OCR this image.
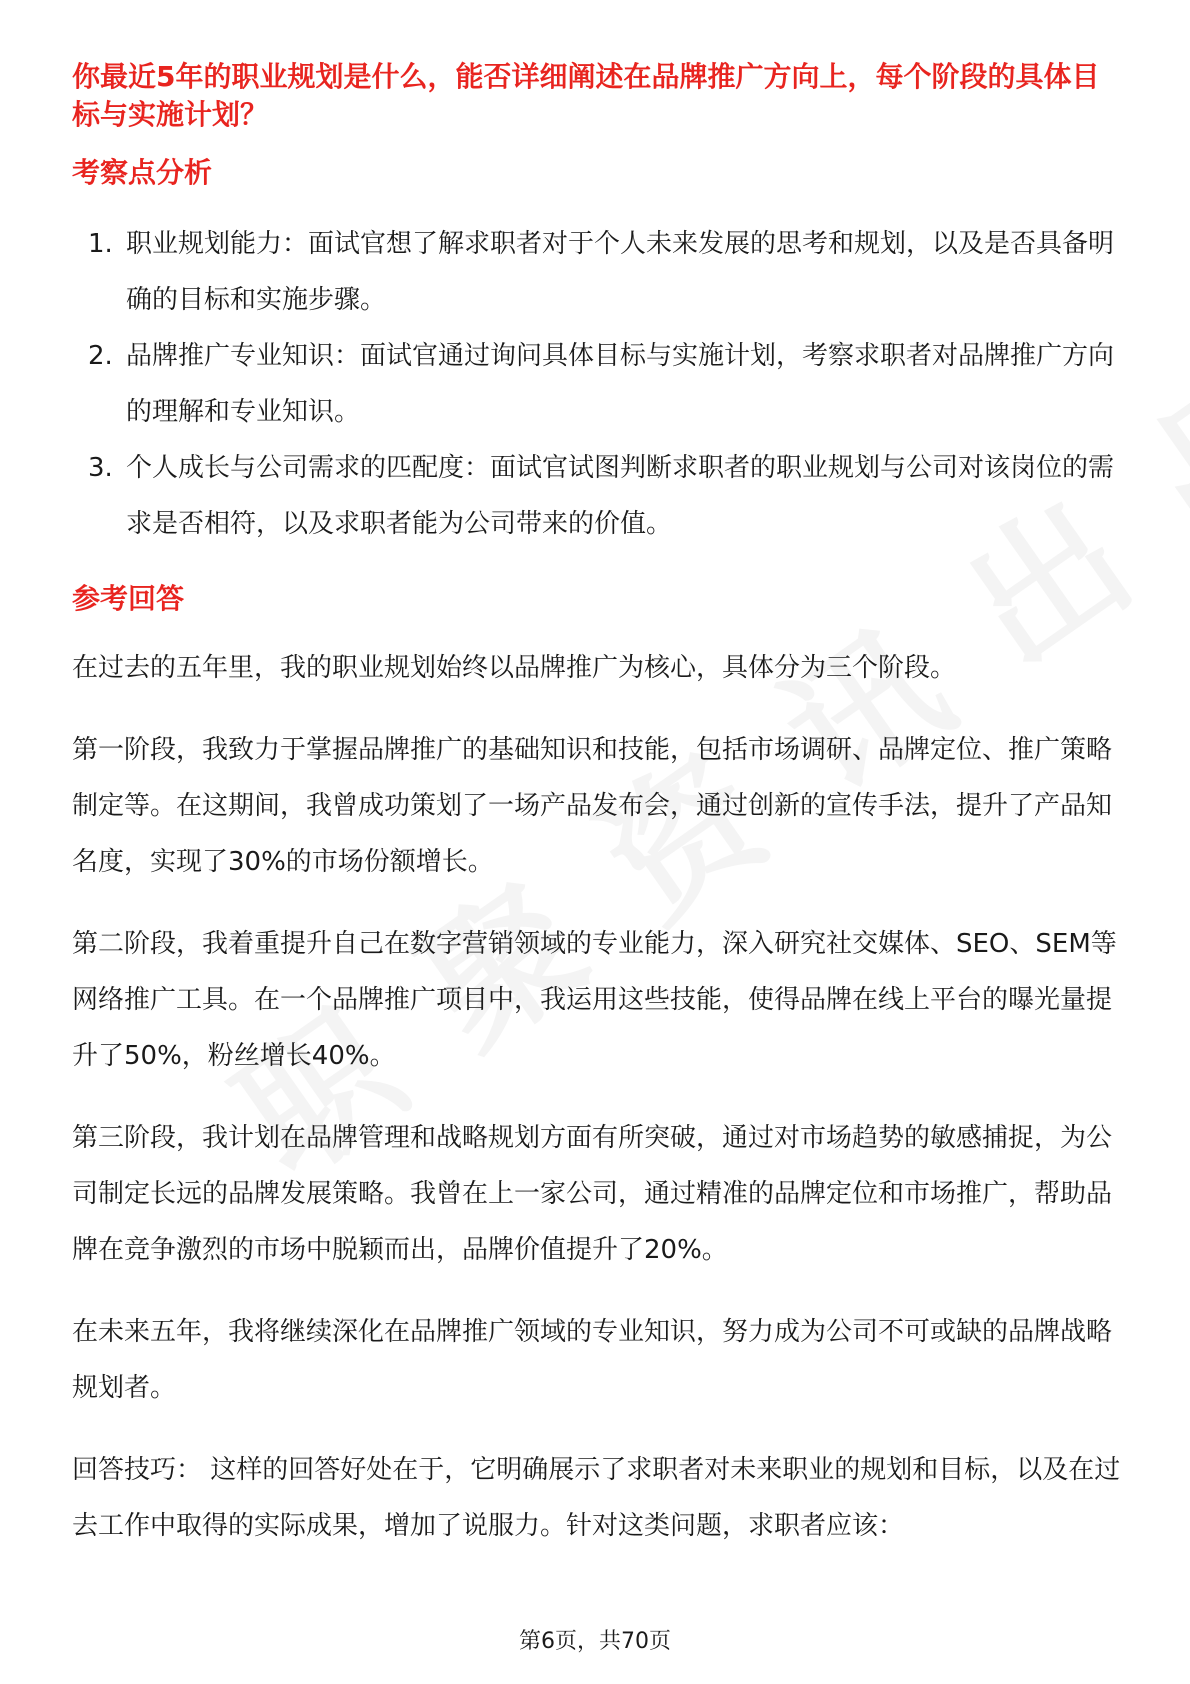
你最近5年的职业规划是什么，能否详细阐述在品牌推广方向上，每个阶段的具体目标与实施计划？

考察点分析

1. 职业规划能力：面试官想了解求职者对于个人未来发展的思考和规划，以及是否具备明确的目标和实施步骤。
2. 品牌推广专业知识：面试官通过询问具体目标与实施计划，考察求职者对品牌推广方向的理解和专业知识。
3. 个人成长与公司需求的匹配度：面试官试图判断求职者的职业规划与公司对该岗位的需求是否相符，以及求职者能为公司带来的价值。

参考回答

在过去的五年里，我的职业规划始终以品牌推广为核心，具体分为三个阶段。

第一阶段，我致力于掌握品牌推广的基础知识和技能，包括市场调研、品牌定位、推广策略制定等。在这期间，我曾成功策划了一场产品发布会，通过创新的宣传手法，提升了产品知名度，实现了30%的市场份额增长。

第二阶段，我着重提升自己在数字营销领域的专业能力，深入研究社交媒体、SEO、SEM等网络推广工具。在一个品牌推广项目中，我运用这些技能，使得品牌在线上平台的曝光量提升了50%，粉丝增长40%。

第三阶段，我计划在品牌管理和战略规划方面有所突破，通过对市场趋势的敏感捕捉，为公司制定长远的品牌发展策略。我曾在上一家公司，通过精准的品牌定位和市场推广，帮助品牌在竞争激烈的市场中脱颖而出，品牌价值提升了20%。

在未来五年，我将继续深化在品牌推广领域的专业知识，努力成为公司不可或缺的品牌战略规划者。

回答技巧： 这样的回答好处在于，它明确展示了求职者对未来职业的规划和目标，以及在过去工作中取得的实际成果，增加了说服力。针对这类问题，求职者应该：

第6页，共70页
